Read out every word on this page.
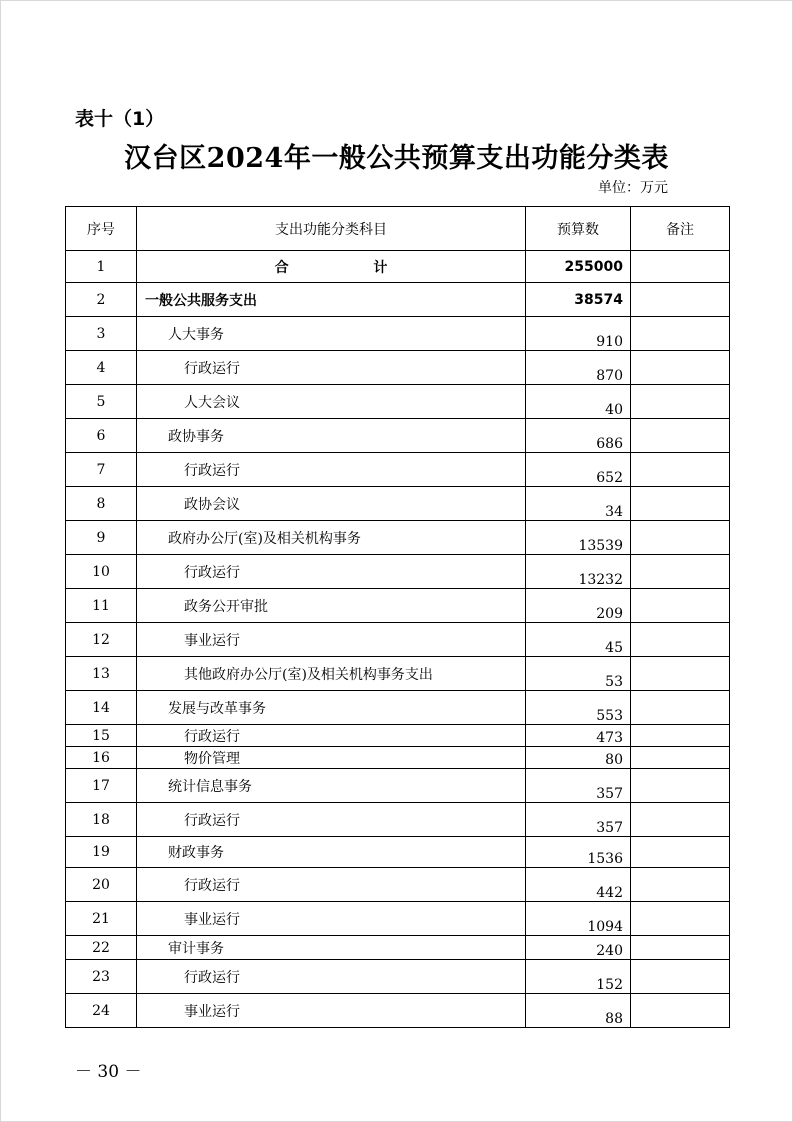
表十（1）
汉台区2024年一般公共预算支出功能分类表
单位：万元
序号	支出功能分类科目	预算数	备注
1	合 计	255000	
2	一般公共服务支出	38574	
3	人大事务	910	
4	行政运行	870	
5	人大会议	40	
6	政协事务	686	
7	行政运行	652	
8	政协会议	34	
9	政府办公厅(室)及相关机构事务	13539	
10	行政运行	13232	
11	政务公开审批	209	
12	事业运行	45	
13	其他政府办公厅(室)及相关机构事务支出	53	
14	发展与改革事务	553	
15	行政运行	473	
16	物价管理	80	
17	统计信息事务	357	
18	行政运行	357	
19	财政事务	1536	
20	行政运行	442	
21	事业运行	1094	
22	审计事务	240	
23	行政运行	152	
24	事业运行	88	
－ 30 －
